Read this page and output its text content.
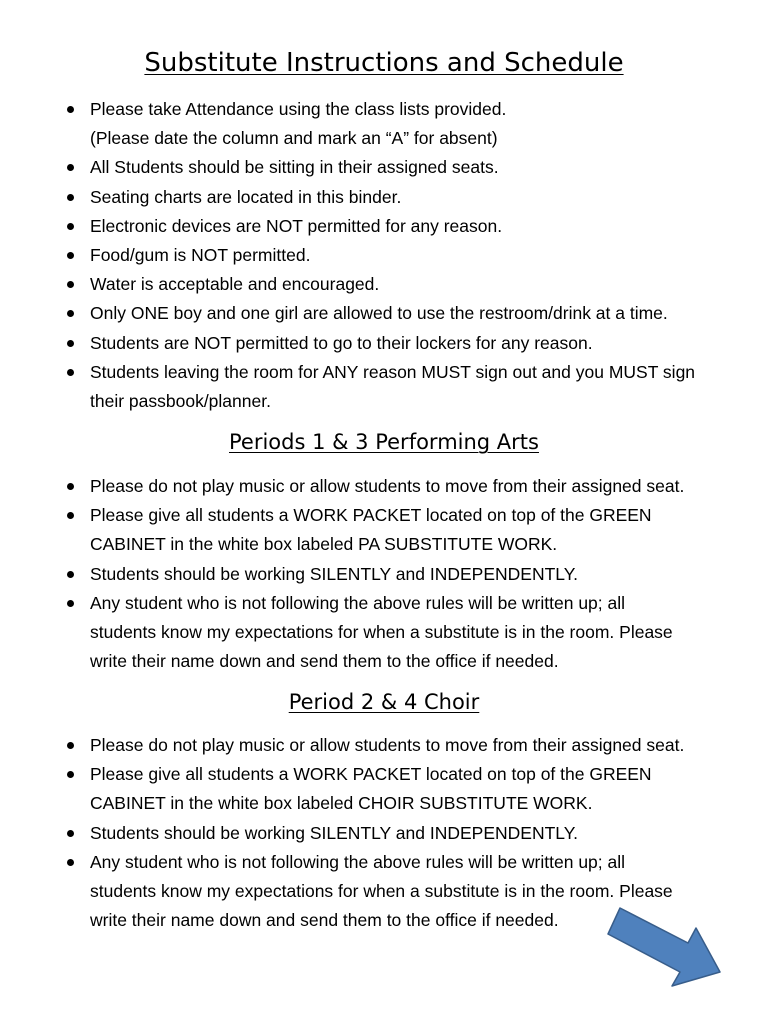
Substitute Instructions and Schedule
Please take Attendance using the class lists provided.
(Please date the column and mark an “A” for absent)
All Students should be sitting in their assigned seats.
Seating charts are located in this binder.
Electronic devices are NOT permitted for any reason.
Food/gum is NOT permitted.
Water is acceptable and encouraged.
Only ONE boy and one girl are allowed to use the restroom/drink at a time.
Students are NOT permitted to go to their lockers for any reason.
Students leaving the room for ANY reason MUST sign out and you MUST sign
their passbook/planner.
Periods 1 & 3 Performing Arts
Please do not play music or allow students to move from their assigned seat.
Please give all students a WORK PACKET located on top of the GREEN
CABINET in the white box labeled PA SUBSTITUTE WORK.
Students should be working SILENTLY and INDEPENDENTLY.
Any student who is not following the above rules will be written up; all
students know my expectations for when a substitute is in the room. Please
write their name down and send them to the office if needed.
Period 2 & 4 Choir
Please do not play music or allow students to move from their assigned seat.
Please give all students a WORK PACKET located on top of the GREEN
CABINET in the white box labeled CHOIR SUBSTITUTE WORK.
Students should be working SILENTLY and INDEPENDENTLY.
Any student who is not following the above rules will be written up; all
students know my expectations for when a substitute is in the room. Please
write their name down and send them to the office if needed.
